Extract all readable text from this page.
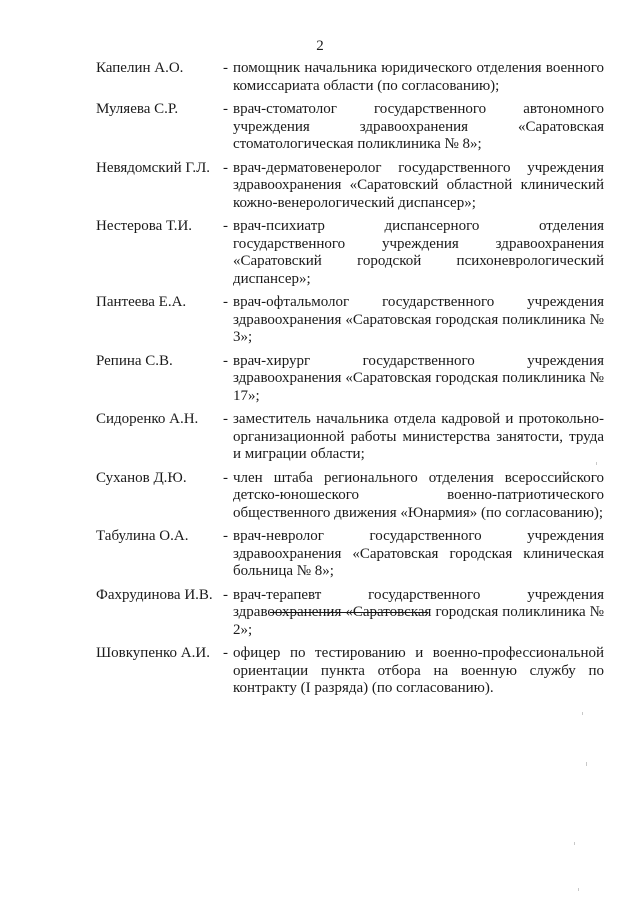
2
Капелин А.О.	- помощник начальника юридического отделения военного комиссариата области (по согласованию);
Муляева С.Р.	- врач-стоматолог государственного автономного учреждения здравоохранения «Саратовская стоматологическая поликлиника № 8»;
Невядомский Г.Л. - врач-дерматовенеролог государственного учреждения здравоохранения «Саратовский областной клинический кожно-венерологический диспансер»;
Нестерова Т.И.	- врач-психиатр диспансерного отделения государственного учреждения здравоохранения «Саратовский городской психоневрологический диспансер»;
Пантеева Е.А.	- врач-офтальмолог государственного учреждения здравоохранения «Саратовская городская поликлиника № 3»;
Репина С.В.	- врач-хирург государственного учреждения здравоохранения «Саратовская городская поликлиника № 17»;
Сидоренко А.Н.	- заместитель начальника отдела кадровой и протокольно-организационной работы министерства занятости, труда и миграции области;
Суханов Д.Ю.	- член штаба регионального отделения всероссийского детско-юношеского военно-патриотического общественного движения «Юнармия» (по согласованию);
Табулина О.А.	- врач-невролог государственного учреждения здравоохранения «Саратовская городская клиническая больница № 8»;
Фахрудинова И.В. - врач-терапевт государственного учреждения здравоохранения «Саратовская городская поликлиника № 2»;
Шовкупенко А.И. - офицер по тестированию и военно-профессиональной ориентации пункта отбора на военную службу по контракту (I разряда) (по согласованию).
